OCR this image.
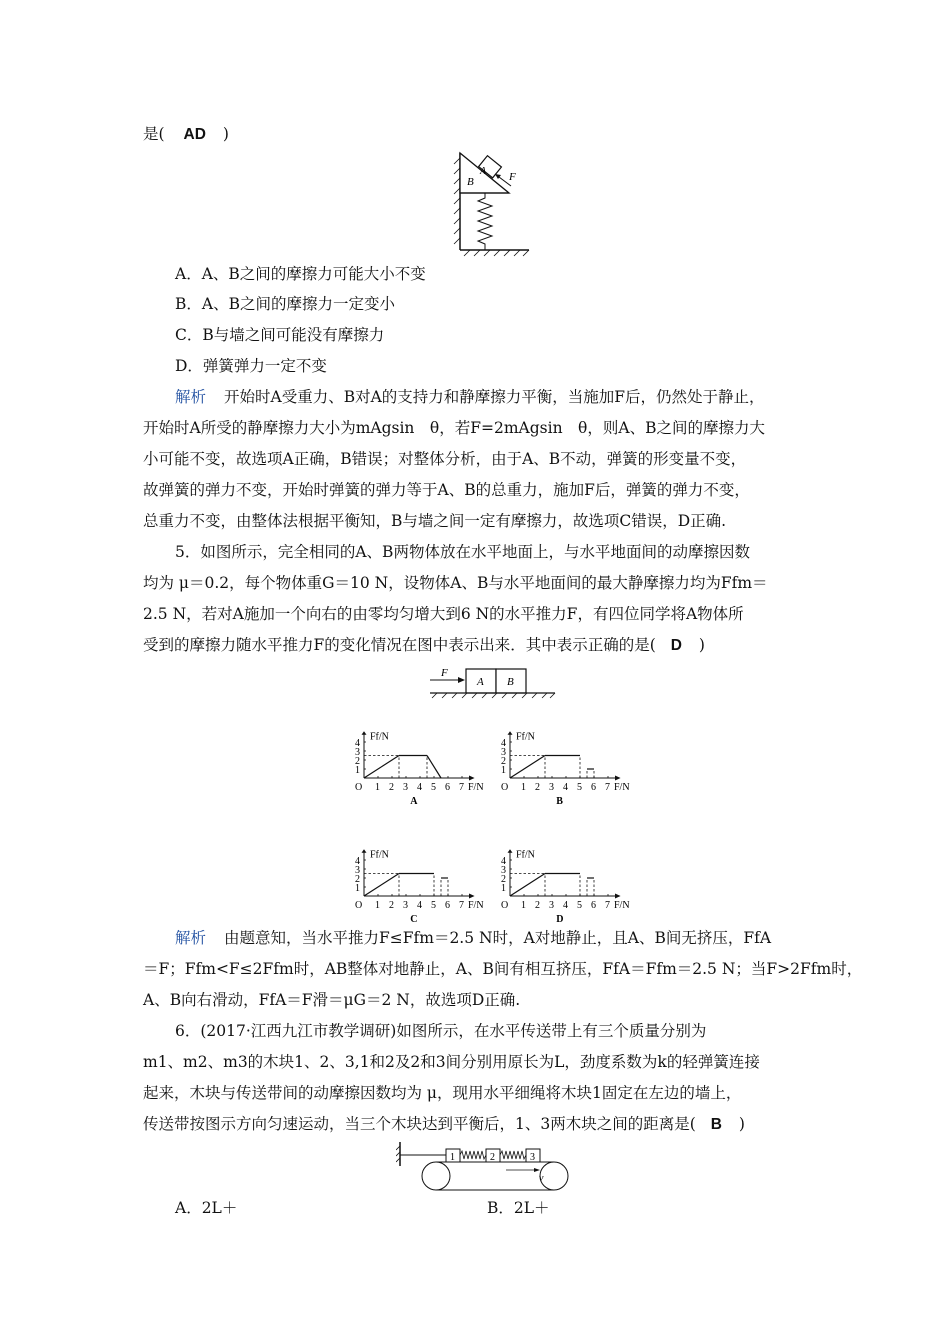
是( AD )
B
A F
A．A、B之间的摩擦力可能大小不变
B．A、B之间的摩擦力一定变小
C．B与墙之间可能没有摩擦力
D．弹簧弹力一定不变
解析 开始时A受重力、B对A的支持力和静摩擦力平衡，当施加F后，仍然处于静止，
开始时A所受的静摩擦力大小为mAgsin　θ，若F=2mAgsin　θ，则A、B之间的摩擦力大
小可能不变，故选项A正确，B错误；对整体分析，由于A、B不动，弹簧的形变量不变，
故弹簧的弹力不变，开始时弹簧的弹力等于A、B的总重力，施加F后，弹簧的弹力不变，
总重力不变，由整体法根据平衡知，B与墙之间一定有摩擦力，故选项C错误，D正确.
5．如图所示，完全相同的A、B两物体放在水平地面上，与水平地面间的动摩擦因数
均为 μ＝0.2，每个物体重G＝10 N，设物体A、B与水平地面间的最大静摩擦力均为Ffm＝
2.5 N，若对A施加一个向右的由零均匀增大到6 N的水平推力F，有四位同学将A物体所
受到的摩擦力随水平推力F的变化情况在图中表示出来．其中表示正确的是( D )
F
A B
Ff/N
O 1 2 3 4 5 6 7 F/N
1
2
3
4
A
Ff/N
O 1 2 3 4 5 6 7 F/N
1
2
3
4
B
Ff/N
O 1 2 3 4 5 6 7 F/N
1
2
3
4
C
Ff/N
O 1 2 3 4 5 6 7 F/N
1
2
3
4
D
解析 由题意知，当水平推力F≤Ffm＝2.5 N时，A对地静止，且A、B间无挤压，FfA
＝F；Ffm<F≤2Ffm时，AB整体对地静止，A、B间有相互挤压，FfA＝Ffm＝2.5 N；当F>2Ffm时，
A、B向右滑动，FfA＝F滑＝μG＝2 N，故选项D正确.
6．(2017·江西九江市教学调研)如图所示，在水平传送带上有三个质量分别为
m1、m2、m3的木块1、2、3,1和2及2和3间分别用原长为L，劲度系数为k的轻弹簧连接
起来，木块与传送带间的动摩擦因数均为 μ，现用水平细绳将木块1固定在左边的墙上，
传送带按图示方向匀速运动，当三个木块达到平衡后，1、3两木块之间的距离是( B )
1	2	3
v
A．2L＋	B．2L＋
